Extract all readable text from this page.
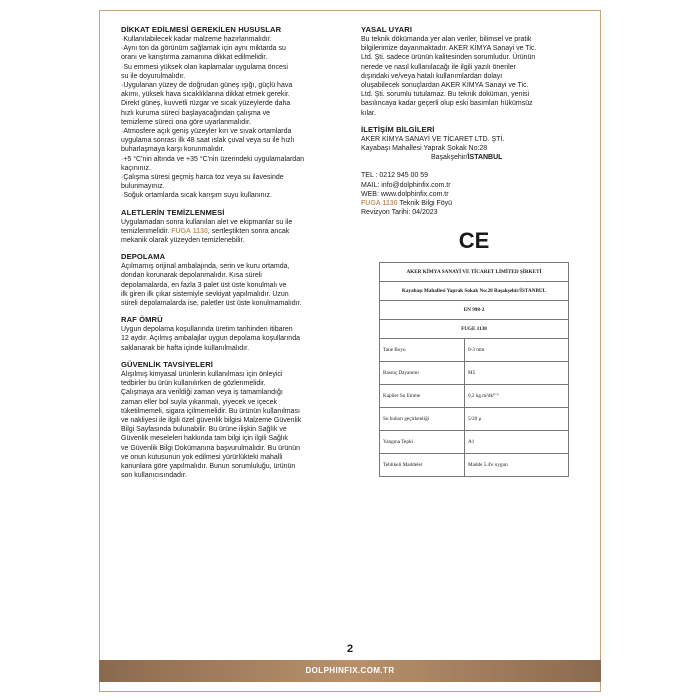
DİKKAT EDİLMESİ GEREKİLEN HUSUSLAR

·Kullanılabilecek kadar malzeme hazırlanmalıdır.

·Aynı ton da görünüm sağlamak için aynı miktarda su

oranı ve karıştırma zamanına dikkat edilmelidir.

·Su emmesi yüksek olan kaplamalar uygulama öncesi

su ile doyurulmalıdır.

·Uygulanan yüzey de doğrudan güneş ışığı, güçlü hava

akımı, yüksek hava sıcaklıklarına dikkat etmek gerekir.

Direkt güneş, kuvvetli rüzgar ve sıcak yüzeylerde daha

hızlı kuruma süreci başlayacağından çalışma ve

temizleme süreci ona göre uyarlanmalıdır.

·Atmosfere açık geniş yüzeyler kırı ve sıvak ortamlarda

uygulama sonrası ilk 48 saat ıslak çuval veya su ile hızlı

buharlaşmaya karşı korunmalıdır.

·+5 °C'nin altında ve +35 °C'nin üzerindeki uygulamalardan

kaçınınız.

·Çalışma süresi geçmiş harca toz veya su ilavesinde

bulunmayınız.

·Soğuk ortamlarda sıcak karışım suyu kullanınız.

ALETLERİN TEMİZLENMESİ

Uygulamadan sonra kullanılan alet ve ekipmanlar su ile

temizlenmelidir. FUGA 1130, sertleştikten sonra ancak

mekanik olarak yüzeyden temizlenebilir.

DEPOLAMA

Açılmamış orijinal ambalajında, serin ve kuru ortamda,

dondan korunarak depolanmalıdır. Kısa süreli

depolamalarda, en fazla 3 palet üst üste konulmalı ve

ilk giren ilk çıkar sistemiyle sevkiyat yapılmalıdır. Uzun

süreli depolamalarda ise, paletler üst üste konulmamalıdır.

RAF ÖMRÜ

Uygun depolama koşullarında üretim tarihinden itibaren

12 aydır. Açılmış ambalajlar uygun depolama koşullarında

saklanarak bir hafta içinde kullanılmalıdır.

GÜVENLİK TAVSİYELERİ

Alışılmış kimyasal ürünlerin kullanılması için önleyici

tedbirler bu ürün kullanılırken de gözlenmelidir.

Çalışmaya ara verildiği zaman veya iş tamamlandığı

zaman eller bol suyla yıkanmalı, yiyecek ve içecek

tüketilmemeli, sigara içilmemelidir. Bu ürünün kullanılması

ve nakliyesi ile ilgili özel güvenlik bilgisi Malzeme Güvenlik

Bilgi Sayfasında bulunabilir. Bu ürüne ilişkin Sağlık ve

Güvenlik meseleleri hakkında tam bilgi için ilgili Sağlık

ve Güvenlik Bilgi Dokümanına başvurulmalıdır. Bu ürünün

ve onun kutusunun yok edilmesi yürürlükteki mahalli

kanunlara göre yapılmalıdır. Bunun sorumluluğu, ürünün

son kullanıcısındadır.

YASAL UYARI

Bu teknik dökümanda yer alan veriler, bilimsel ve pratik

bilgilerimize dayanmaktadır. AKER KİMYA Sanayi ve Tic.

Ltd. Şti. sadece ürünün kalitesinden sorumludur. Ürünün

nerede ve nasıl kullanılacağı ile ilgili yazılı öneriler

dışındaki ve/veya hatalı kullanımlardan dolayı

oluşabilecek sonuçlardan AKER KİMYA Sanayi ve Tic.

Ltd. Şti. sorumlu tutulamaz. Bu teknik doküman, yenisi

basılıncaya kadar geçerli olup eski basımları hükümsüz

kılar.

İLETİŞİM BİLGİLERİ

AKER KİMYA SANAYİ VE TİCARET LTD. ŞTİ.

Kayabaşı Mahallesi Yaprak Sokak No:28

Başakşehir/İSTANBUL

TEL : 0212 945 00 59

MAIL: info@dolphinfix.com.tr

WEB: www.dolphinfix.com.tr

FUGA 1130 Teknik Bilgi Föyü

Revizyon Tarihi: 04/2023

CE
AKER KİMYA SANAYİ VE TİCARET LİMİTED ŞİRKETİ	
Kayabaşı Mahallesi Yaprak Sokak No:28 Başakşehir/İSTANBUL	
EN 998-2	
FUGE 1130	
Tane Boyu	0-3 mm
Basınç Dayanımı	M5
Kapiler Su Emme	0,2 kg.m²dk⁰ʼ⁵
Su buharı geçirkenliği	5/20 μ
Yangına Tepki	A1
Tehlikeli Maddeler	Madde 5.4'e uygun
2
DOLPHINFIX.COM.TR
